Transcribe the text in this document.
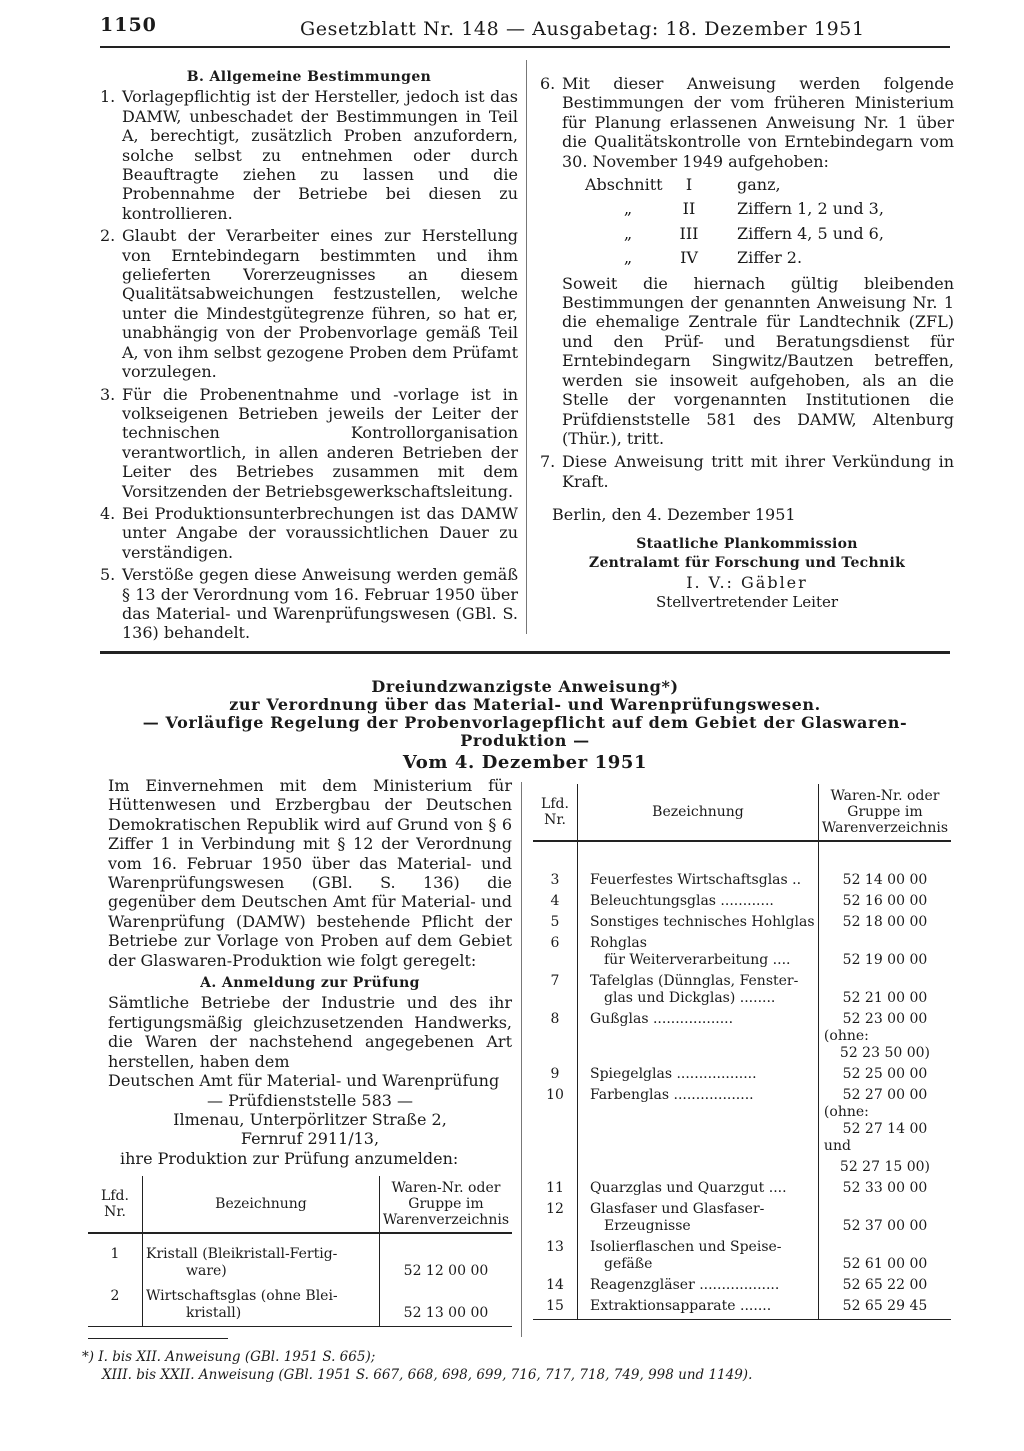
1150	Gesetzblatt Nr. 148 — Ausgabetag: 18. Dezember 1951

B. Allgemeine Bestimmungen

1. Vorlagepflichtig ist der Hersteller, jedoch ist das DAMW, unbeschadet der Bestimmungen in Teil A, berechtigt, zusätzlich Proben anzufordern, solche selbst zu entnehmen oder durch Beauftragte ziehen zu lassen und die Probennahme der Betriebe bei diesen zu kontrollieren.
2. Glaubt der Verarbeiter eines zur Herstellung von Erntebindegarn bestimmten und ihm gelieferten Vorerzeugnisses an diesem Qualitätsabweichungen festzustellen, welche unter die Mindestgütegrenze führen, so hat er, unabhängig von der Probenvorlage gemäß Teil A, von ihm selbst gezogene Proben dem Prüfamt vorzulegen.
3. Für die Probenentnahme und -vorlage ist in volkseigenen Betrieben jeweils der Leiter der technischen Kontrollorganisation verantwortlich, in allen anderen Betrieben der Leiter des Betriebes zusammen mit dem Vorsitzenden der Betriebsgewerkschaftsleitung.
4. Bei Produktionsunterbrechungen ist das DAMW unter Angabe der voraussichtlichen Dauer zu verständigen.
5. Verstöße gegen diese Anweisung werden gemäß § 13 der Verordnung vom 16. Februar 1950 über das Material- und Warenprüfungswesen (GBl. S. 136) behandelt.
6. Mit dieser Anweisung werden folgende Bestimmungen der vom früheren Ministerium für Planung erlassenen Anweisung Nr. 1 über die Qualitätskontrolle von Erntebindegarn vom 30. November 1949 aufgehoben:
Abschnitt	I	ganz,
„	II	Ziffern 1, 2 und 3,
„	III	Ziffern 4, 5 und 6,
„	IV	Ziffer 2.

Soweit die hiernach gültig bleibenden Bestimmungen der genannten Anweisung Nr. 1 die ehemalige Zentrale für Landtechnik (ZFL) und den Prüf- und Beratungsdienst für Erntebindegarn Singwitz/Bautzen betreffen, werden sie insoweit aufgehoben, als an die Stelle der vorgenannten Institutionen die Prüfdienststelle 581 des DAMW, Altenburg (Thür.), tritt.

7. Diese Anweisung tritt mit ihrer Verkündung in Kraft.

Berlin, den 4. Dezember 1951

Staatliche Plankommission
Zentralamt für Forschung und Technik
I. V.: Gäbler
Stellvertretender Leiter
Dreiundzwanzigste Anweisung*)
zur Verordnung über das Material- und Warenprüfungswesen.
— Vorläufige Regelung der Probenvorlagepflicht auf dem Gebiet der Glaswaren-Produktion —
Vom 4. Dezember 1951

Im Einvernehmen mit dem Ministerium für Hüttenwesen und Erzbergbau der Deutschen Demokratischen Republik wird auf Grund von § 6 Ziffer 1 in Verbindung mit § 12 der Verordnung vom 16. Februar 1950 über das Material- und Warenprüfungswesen (GBl. S. 136) die gegenüber dem Deutschen Amt für Material- und Warenprüfung (DAMW) bestehende Pflicht der Betriebe zur Vorlage von Proben auf dem Gebiet der Glaswaren-Produktion wie folgt geregelt:

A. Anmeldung zur Prüfung

Sämtliche Betriebe der Industrie und des ihr fertigungsmäßig gleichzusetzenden Handwerks, die Waren der nachstehend angegebenen Art herstellen, haben dem

Deutschen Amt für Material- und Warenprüfung

— Prüfdienststelle 583 —

Ilmenau, Unterpörlitzer Straße 2,

Fernruf 2911/13,

ihre Produktion zur Prüfung anzumelden:

Lfd. Nr.	Bezeichnung	Waren-Nr. oder Gruppe im Warenverzeichnis
1	Kristall (Bleikristall-Fertig-
ware)	52 12 00 00
2	Wirtschaftsglas (ohne Blei-
kristall)	52 13 00 00
Lfd. Nr.	Bezeichnung	Waren-Nr. oder Gruppe im Warenverzeichnis
3	Feuerfestes Wirtschaftsglas ..	52 14 00 00

4	Beleuchtungsglas ............	52 16 00 00

5	Sonstiges technisches Hohlglas	52 18 00 00

6	Rohglas
für Weiterverarbeitung ....	52 19 00 00

7	Tafelglas (Dünnglas, Fenster-
glas und Dickglas) ........	52 21 00 00

8	Gußglas ..................	52 23 00 00
(ohne:
52 23 50 00)

9	Spiegelglas ..................	52 25 00 00

10	Farbenglas ..................	52 27 00 00
(ohne:
52 27 14 00
und

		52 27 15 00)

11	Quarzglas und Quarzgut ....	52 33 00 00

12	Glasfaser und Glasfaser-
Erzeugnisse	52 37 00 00

13	Isolierflaschen und Speise-
gefäße	52 61 00 00

14	Reagenzgläser ..................	52 65 22 00

15	Extraktionsapparate .......	52 65 29 45
*) I. bis XII. Anweisung (GBl. 1951 S. 665);
XIII. bis XXII. Anweisung (GBl. 1951 S. 667, 668, 698, 699, 716, 717, 718, 749, 998 und 1149).
